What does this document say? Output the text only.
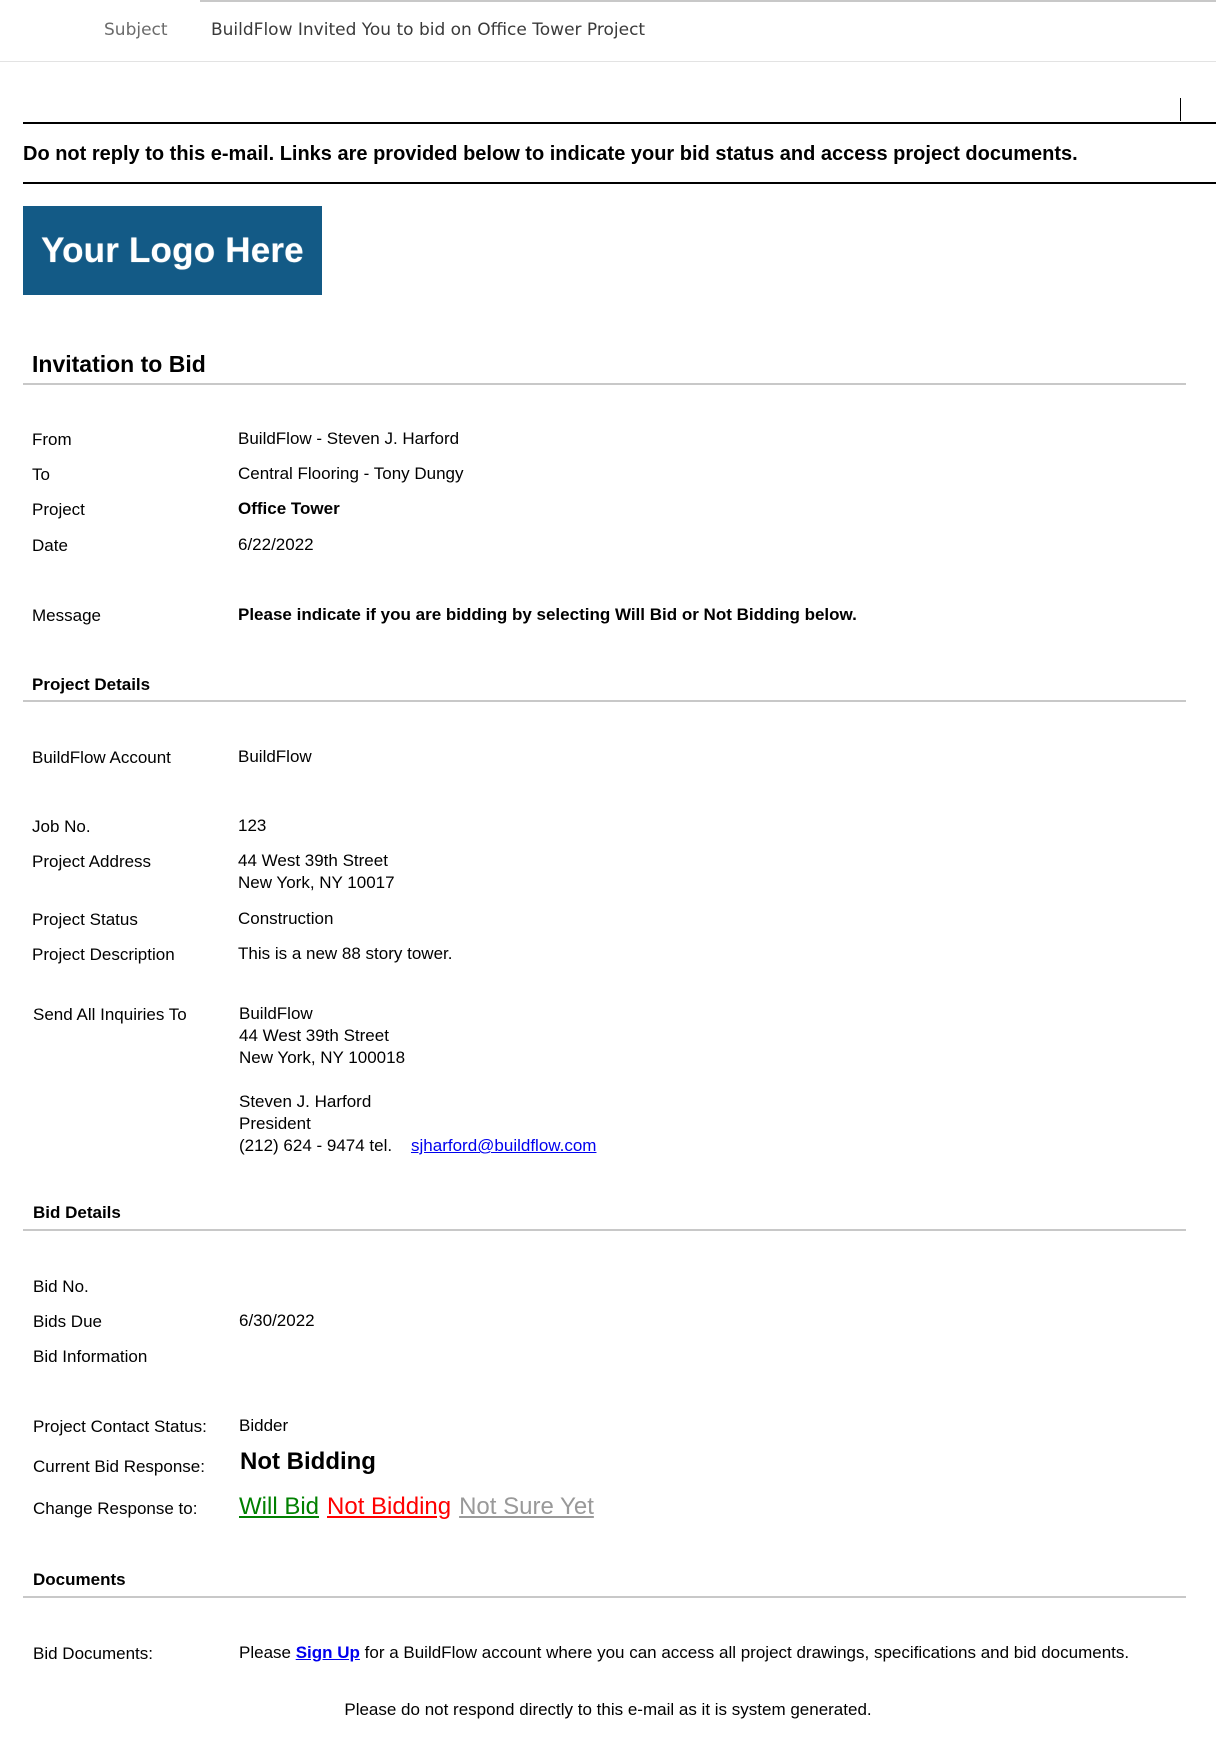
Subject	BuildFlow Invited You to bid on Office Tower Project
Do not reply to this e-mail. Links are provided below to indicate your bid status and access project documents.
Your Logo Here
Invitation to Bid
From	BuildFlow - Steven J. Harford
To	Central Flooring - Tony Dungy
Project	Office Tower
Date	6/22/2022
Message	Please indicate if you are bidding by selecting Will Bid or Not Bidding below.
Project Details
BuildFlow Account	BuildFlow
Job No.	123
Project Address	44 West 39th Street
New York, NY 10017
Project Status	Construction
Project Description	This is a new 88 story tower.
Send All Inquiries To	BuildFlow
44 West 39th Street
New York, NY 100018
Steven J. Harford
President
(212) 624 - 9474 tel. sjharford@buildflow.com
Bid Details
Bid No.
Bids Due	6/30/2022
Bid Information
Project Contact Status: Bidder
Current Bid Response: Not Bidding
Change Response to: Will Bid Not Bidding Not Sure Yet
Documents
Bid Documents:	Please Sign Up for a BuildFlow account where you can access all project drawings, specifications and bid documents.
Please do not respond directly to this e-mail as it is system generated.
